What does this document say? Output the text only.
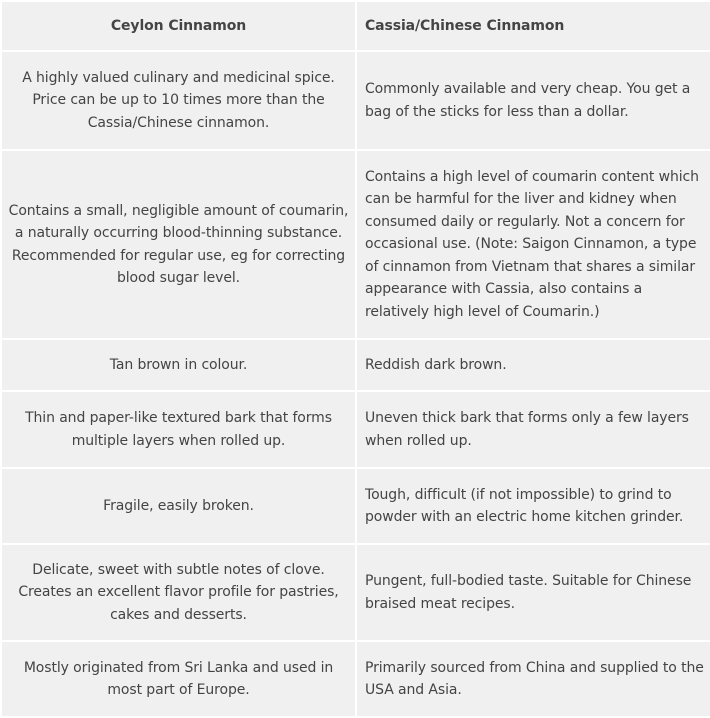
Ceylon Cinnamon	Cassia/Chinese Cinnamon
A highly valued culinary and medicinal spice. Price can be up to 10 times more than the Cassia/Chinese cinnamon.	Commonly available and very cheap. You get a bag of the sticks for less than a dollar.
Contains a small, negligible amount of coumarin, a naturally occurring blood-thinning substance. Recommended for regular use, eg for correcting blood sugar level.	Contains a high level of coumarin content which can be harmful for the liver and kidney when consumed daily or regularly. Not a concern for occasional use. (Note: Saigon Cinnamon, a type of cinnamon from Vietnam that shares a similar appearance with Cassia, also contains a relatively high level of Coumarin.)
Tan brown in colour.	Reddish dark brown.
Thin and paper-like textured bark that forms multiple layers when rolled up.	Uneven thick bark that forms only a few layers when rolled up.
Fragile, easily broken.	Tough, difficult (if not impossible) to grind to powder with an electric home kitchen grinder.
Delicate, sweet with subtle notes of clove. Creates an excellent flavor profile for pastries, cakes and desserts.	Pungent, full-bodied taste. Suitable for Chinese braised meat recipes.
Mostly originated from Sri Lanka and used in most part of Europe.	Primarily sourced from China and supplied to the USA and Asia.
